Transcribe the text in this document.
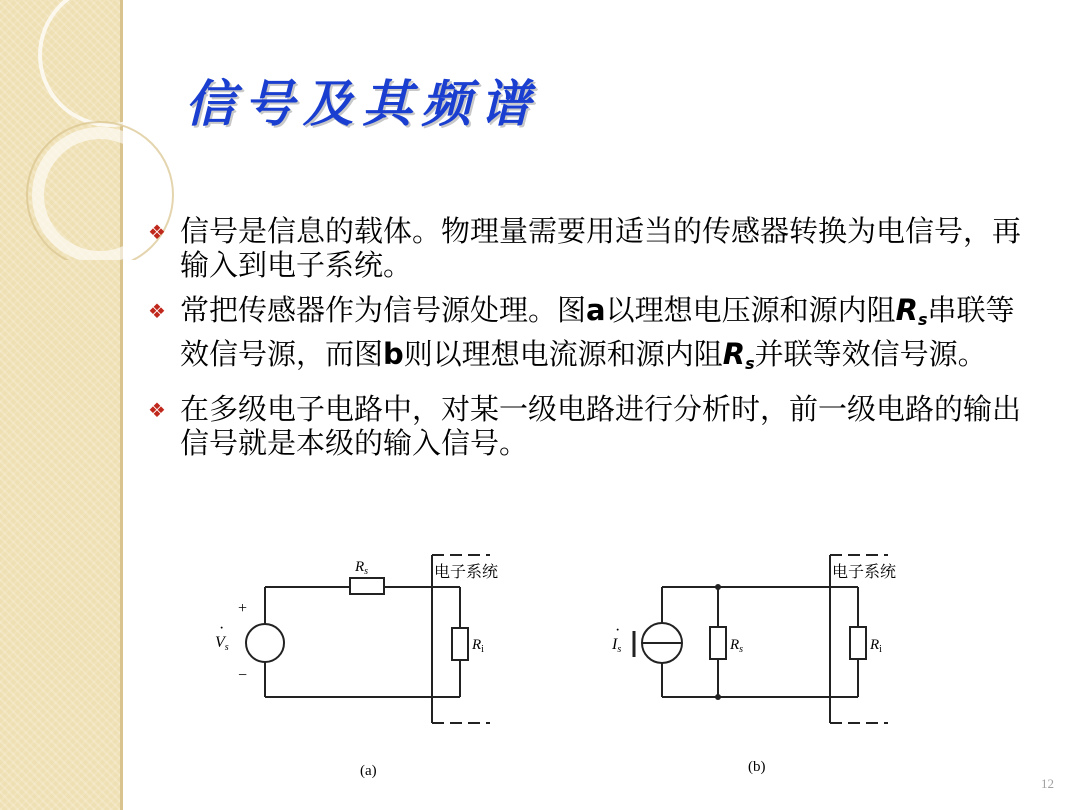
信号及其频谱
❖ 信号是信息的载体。物理量需要用适当的传感器转换为电信号，再输入到电子系统。
❖ 常把传感器作为信号源处理。图a以理想电压源和源内阻$R_s$串联等效信号源，而图b则以理想电流源和源内阻$R_s$并联等效信号源。
❖ 在多级电子电路中，对某一级电路进行分析时，前一级电路的输出信号就是本级的输入信号。
$R_s$	电子系统
+
−
·
Vs	$R_i$
(a)
电子系统
·
Is	$R_s$	$R_i$
(b)
12
